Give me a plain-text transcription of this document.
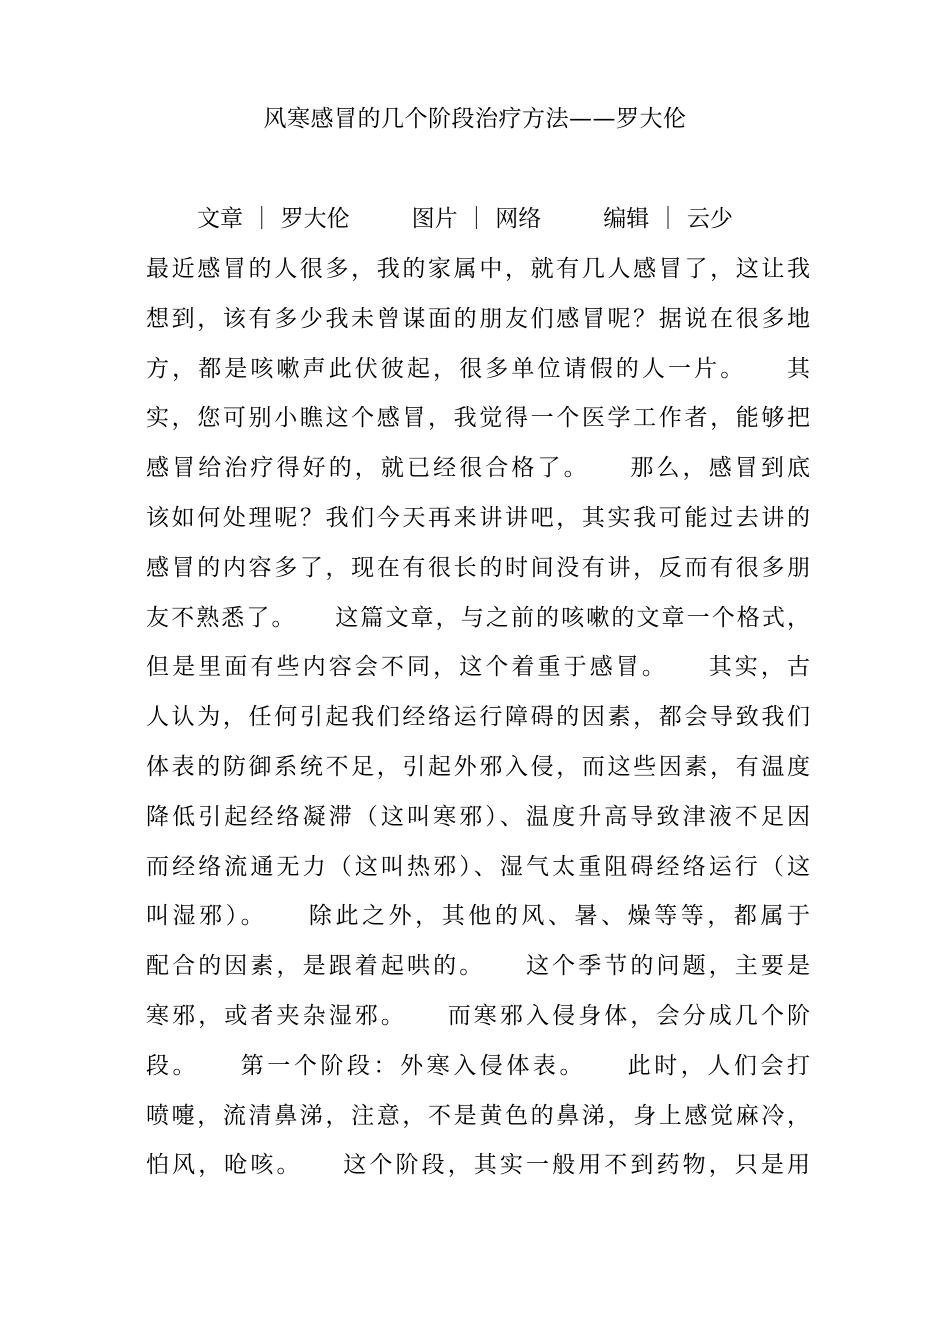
风寒感冒的几个阶段治疗方法——罗大伦
文章 ｜ 罗大伦	图片 ｜ 网络	编辑 ｜ 云少
最近感冒的人很多，我的家属中，就有几人感冒了，这让我
想到，该有多少我未曾谋面的朋友们感冒呢？据说在很多地
方，都是咳嗽声此伏彼起，很多单位请假的人一片。　　其
实，您可别小瞧这个感冒，我觉得一个医学工作者，能够把
感冒给治疗得好的，就已经很合格了。　　那么，感冒到底
该如何处理呢？我们今天再来讲讲吧，其实我可能过去讲的
感冒的内容多了，现在有很长的时间没有讲，反而有很多朋
友不熟悉了。　　这篇文章，与之前的咳嗽的文章一个格式，
但是里面有些内容会不同，这个着重于感冒。　　其实，古
人认为，任何引起我们经络运行障碍的因素，都会导致我们
体表的防御系统不足，引起外邪入侵，而这些因素，有温度
降低引起经络凝滞（这叫寒邪）、温度升高导致津液不足因
而经络流通无力（这叫热邪）、湿气太重阻碍经络运行（这
叫湿邪）。　　除此之外，其他的风、暑、燥等等，都属于
配合的因素，是跟着起哄的。　　这个季节的问题，主要是
寒邪，或者夹杂湿邪。　　而寒邪入侵身体，会分成几个阶
段。　　第一个阶段：外寒入侵体表。　　此时，人们会打
喷嚏，流清鼻涕，注意，不是黄色的鼻涕，身上感觉麻冷，
怕风，呛咳。　　这个阶段，其实一般用不到药物，只是用
